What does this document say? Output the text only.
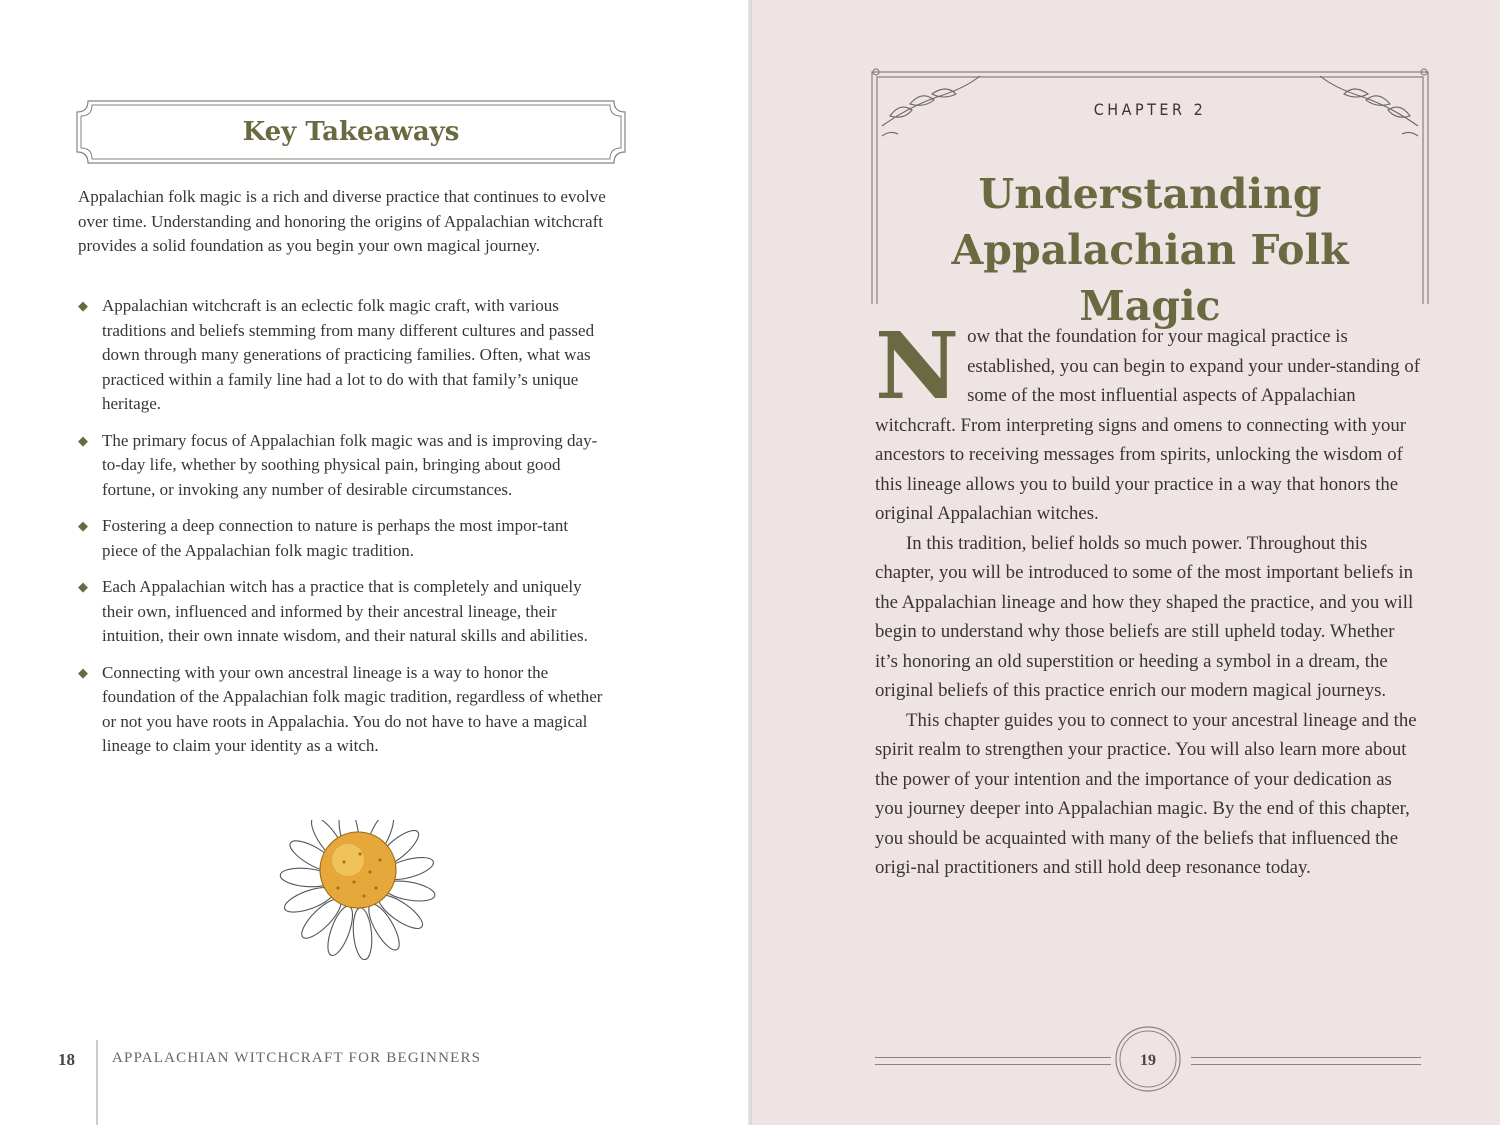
Key Takeaways

Appalachian folk magic is a rich and diverse practice that continues to evolve over time. Understanding and honoring the origins of Appalachian witchcraft provides a solid foundation as you begin your own magical journey.

◆ Appalachian witchcraft is an eclectic folk magic craft, with various traditions and beliefs stemming from many different cultures and passed down through many generations of practicing families. Often, what was practiced within a family line had a lot to do with that family’s unique heritage.
◆ The primary focus of Appalachian folk magic was and is improving day-to-day life, whether by soothing physical pain, bringing about good fortune, or invoking any number of desirable circumstances.
◆ Fostering a deep connection to nature is perhaps the most impor-tant piece of the Appalachian folk magic tradition.
◆ Each Appalachian witch has a practice that is completely and uniquely their own, influenced and informed by their ancestral lineage, their intuition, their own innate wisdom, and their natural skills and abilities.
◆ Connecting with your own ancestral lineage is a way to honor the foundation of the Appalachian folk magic tradition, regardless of whether or not you have roots in Appalachia. You do not have to have a magical lineage to claim your identity as a witch.
18 APPALACHIAN WITCHCRAFT FOR BEGINNERS
CHAPTER 2
Understanding
Appalachian Folk Magic

Now that the foundation for your magical practice is established, you can begin to expand your under-standing of some of the most influential aspects of Appalachian witchcraft. From interpreting signs and omens to connecting with your ancestors to receiving messages from spirits, unlocking the wisdom of this lineage allows you to build your practice in a way that honors the original Appalachian witches.

In this tradition, belief holds so much power. Throughout this chapter, you will be introduced to some of the most important beliefs in the Appalachian lineage and how they shaped the practice, and you will begin to understand why those beliefs are still upheld today. Whether it’s honoring an old superstition or heeding a symbol in a dream, the original beliefs of this practice enrich our modern magical journeys.

This chapter guides you to connect to your ancestral lineage and the spirit realm to strengthen your practice. You will also learn more about the power of your intention and the importance of your dedication as you journey deeper into Appalachian magic. By the end of this chapter, you should be acquainted with many of the beliefs that influenced the origi-nal practitioners and still hold deep resonance today.

19
